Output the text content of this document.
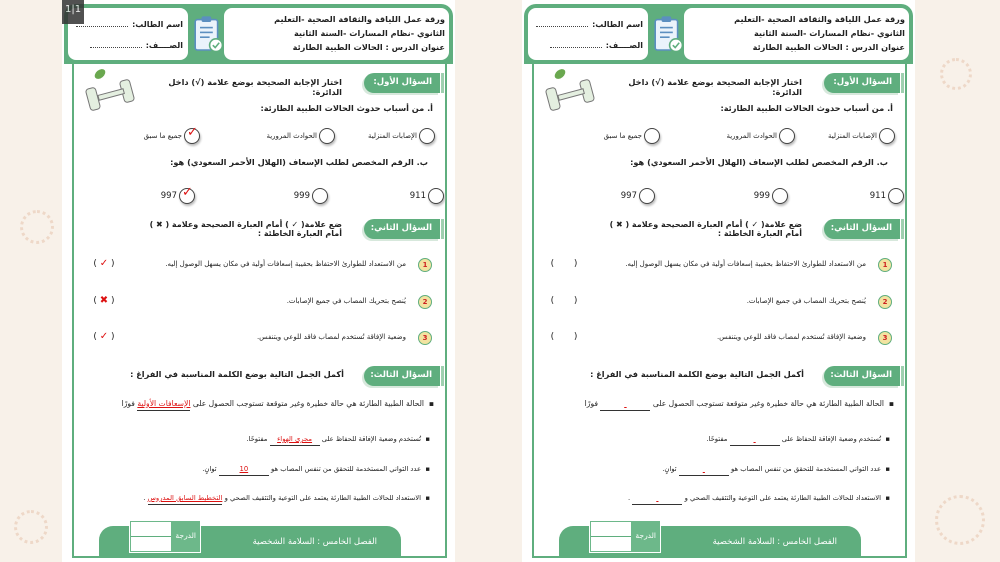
ورقة عمل اللياقة والثقافة الصحية -التعليم
الثانوي -نظام المسارات -السنة الثانية
عنوان الدرس : الحالات الطبية الطارئة
اسم الطالب:
الصــــف:
السؤال الأول:
اختار الإجابة الصحيحة بوضع علامة (√) داخل الدائرة:
أ. من أسباب حدوث الحالات الطبية الطارئة:
الإصابات المنزلية
الحوادث المرورية
✓
جميع ما سبق
ب. الرقم المخصص لطلب الإسعاف (الهلال الأحمر السعودي) هو:
911
999
✓
997
السؤال الثاني:
ضع علامة( ✓ ) أمام العبارة الصحيحة وعلامة ( ✖ ) أمام العبارة الخاطئة :
1
من الاستعداد للطوارئ الاحتفاظ بحقيبة إسعافات أولية في مكان يسهل الوصول إليه.
( ✓ )
2
يُنصح بتحريك المصاب في جميع الإصابات.
( ✖ )
3
وضعية الإفاقة تُستخدم لمصاب فاقد للوعي ويتنفس.
( ✓ )
السؤال الثالث:
أكمل الجمل التالية بوضع الكلمة المناسبة في الفراغ :
▪  الحالة الطبية الطارئة هي حالة خطيرة وغير متوقعة تستوجب الحصول على الإسعافات الأولية فورًا
▪  تُستخدم وضعية الإفاقة للحفاظ على مجرى الهواء مفتوحًا.
▪  عدد الثواني المستخدمة للتحقق من تنفس المصاب هو 10 ثوانٍ.
▪  الاستعداد للحالات الطبية الطارئة يعتمد على التوعية والتثقيف الصحي و التخطيط السابق المدروس .
الفصل الخامس : السلامة الشخصية
الدرجة
ورقة عمل اللياقة والثقافة الصحية -التعليم
الثانوي -نظام المسارات -السنة الثانية
عنوان الدرس : الحالات الطبية الطارئة
اسم الطالب:
الصــــف:
السؤال الأول:
اختار الإجابة الصحيحة بوضع علامة (√) داخل الدائرة:
أ. من أسباب حدوث الحالات الطبية الطارئة:
الإصابات المنزلية
الحوادث المرورية
جميع ما سبق
ب. الرقم المخصص لطلب الإسعاف (الهلال الأحمر السعودي) هو:
911
999
997
السؤال الثاني:
ضع علامة( ✓ ) أمام العبارة الصحيحة وعلامة ( ✖ ) أمام العبارة الخاطئة :
1
من الاستعداد للطوارئ الاحتفاظ بحقيبة إسعافات أولية في مكان يسهل الوصول إليه.
(      )
2
يُنصح بتحريك المصاب في جميع الإصابات.
(      )
3
وضعية الإفاقة تُستخدم لمصاب فاقد للوعي ويتنفس.
(      )
السؤال الثالث:
أكمل الجمل التالية بوضع الكلمة المناسبة في الفراغ :
▪  الحالة الطبية الطارئة هي حالة خطيرة وغير متوقعة تستوجب الحصول على   فورًا
▪  تُستخدم وضعية الإفاقة للحفاظ على   مفتوحًا.
▪  عدد الثواني المستخدمة للتحقق من تنفس المصاب هو   ثوانٍ.
▪  الاستعداد للحالات الطبية الطارئة يعتمد على التوعية والتثقيف الصحي و   .
الفصل الخامس : السلامة الشخصية
الدرجة
1|1
